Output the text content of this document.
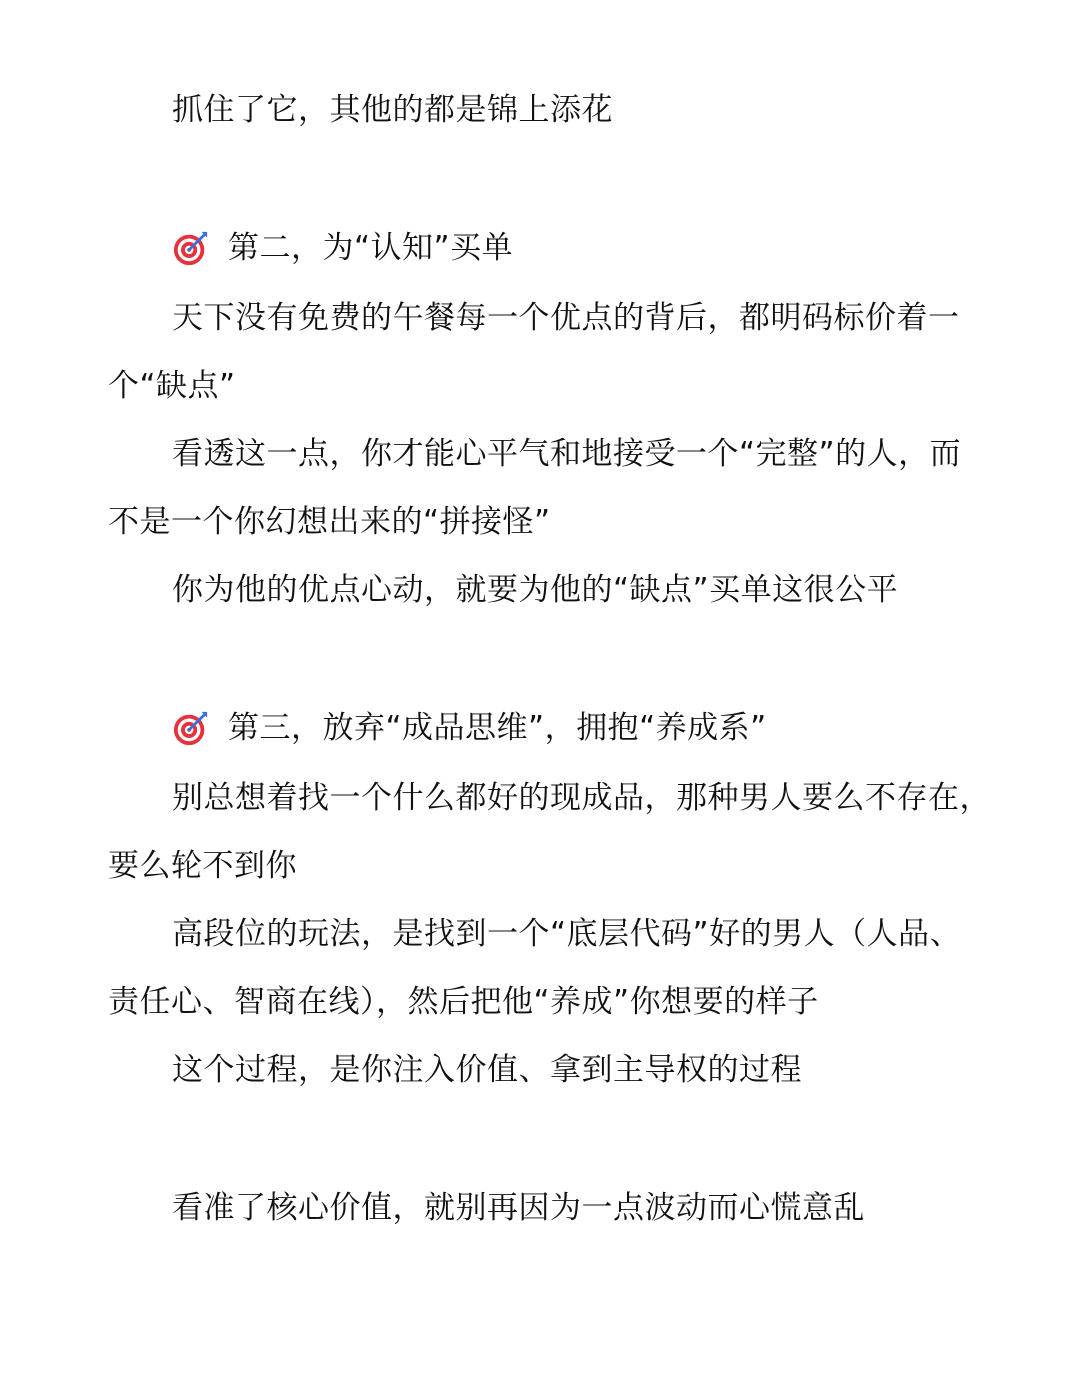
抓住了它，其他的都是锦上添花
第二，为“认知”买单
天下没有免费的午餐每一个优点的背后，都明码标价着一
个“缺点”
看透这一点，你才能心平气和地接受一个“完整”的人，而
不是一个你幻想出来的“拼接怪”
你为他的优点心动，就要为他的“缺点”买单这很公平
第三，放弃“成品思维”，拥抱“养成系”
别总想着找一个什么都好的现成品，那种男人要么不存在，
要么轮不到你
高段位的玩法，是找到一个“底层代码”好的男人（人品、
责任心、智商在线），然后把他“养成”你想要的样子
这个过程，是你注入价值、拿到主导权的过程
看准了核心价值，就别再因为一点波动而心慌意乱
